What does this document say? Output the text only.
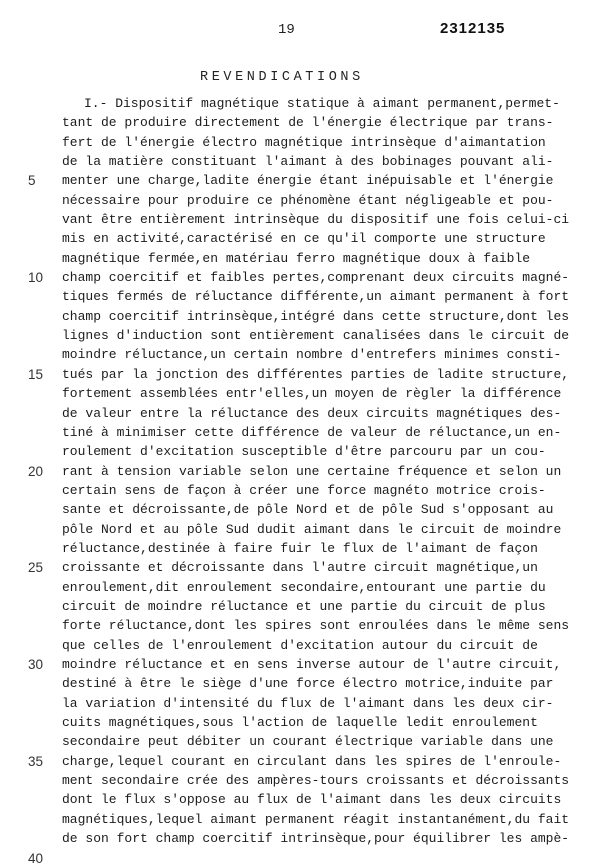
19	2312135
REVENDICATIONS
5
10
15
20
25
30
35
40
I.- Dispositif magnétique statique à aimant permanent,permet-
tant de produire directement de l'énergie électrique par trans-
fert de l'énergie électro magnétique intrinsèque d'aimantation
de la matière constituant l'aimant à des bobinages pouvant ali-
menter une charge,ladite énergie étant inépuisable et l'énergie
nécessaire pour produire ce phénomène étant négligeable et pou-
vant être entièrement intrinsèque du dispositif une fois celui-ci
mis en activité,caractérisé en ce qu'il comporte une structure
magnétique fermée,en matériau ferro magnétique doux à faible
champ coercitif et faibles pertes,comprenant deux circuits magné-
tiques fermés de réluctance différente,un aimant permanent à fort
champ coercitif intrinsèque,intégré dans cette structure,dont les
lignes d'induction sont entièrement canalisées dans le circuit de
moindre réluctance,un certain nombre d'entrefers minimes consti-
tués par la jonction des différentes parties de ladite structure,
fortement assemblées entr'elles,un moyen de règler la différence
de valeur entre la réluctance des deux circuits magnétiques des-
tiné à minimiser cette différence de valeur de réluctance,un en-
roulement d'excitation susceptible d'être parcouru par un cou-
rant à tension variable selon une certaine fréquence et selon un
certain sens de façon à créer une force magnéto motrice crois-
sante et décroissante,de pôle Nord et de pôle Sud s'opposant au
pôle Nord et au pôle Sud dudit aimant dans le circuit de moindre
réluctance,destinée à faire fuir le flux de l'aimant de façon
croissante et décroissante dans l'autre circuit magnétique,un
enroulement,dit enroulement secondaire,entourant une partie du
circuit de moindre réluctance et une partie du circuit de plus
forte réluctance,dont les spires sont enroulées dans le même sens
que celles de l'enroulement d'excitation autour du circuit de
moindre réluctance et en sens inverse autour de l'autre circuit,
destiné à être le siège d'une force électro motrice,induite par
la variation d'intensité du flux de l'aimant dans les deux cir-
cuits magnétiques,sous l'action de laquelle ledit enroulement
secondaire peut débiter un courant électrique variable dans une
charge,lequel courant en circulant dans les spires de l'enroule-
ment secondaire crée des ampères-tours croissants et décroissants
dont le flux s'oppose au flux de l'aimant dans les deux circuits
magnétiques,lequel aimant permanent réagit instantanément,du fait
de son fort champ coercitif intrinsèque,pour équilibrer les ampè-
